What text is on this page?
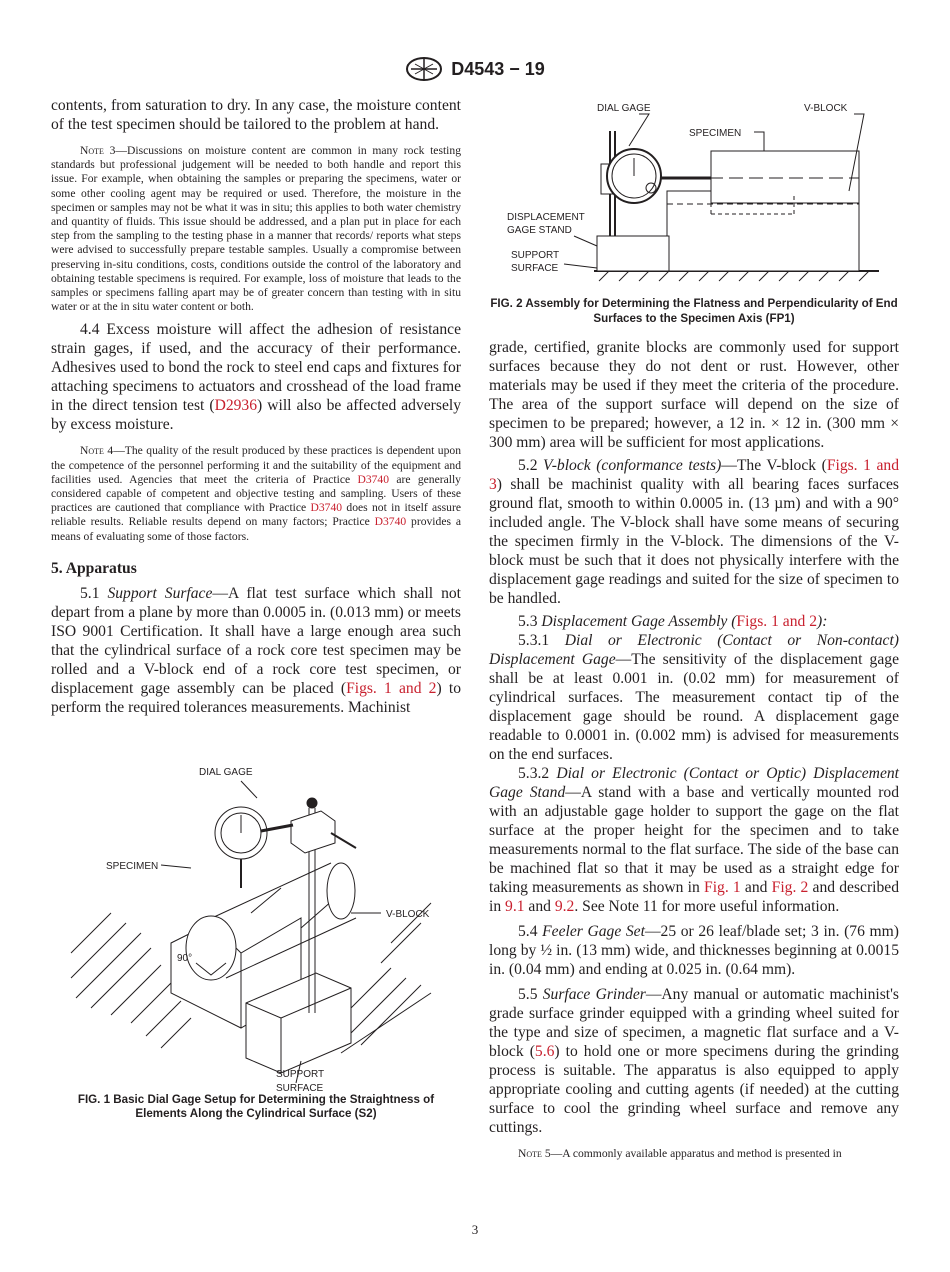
D4543 − 19

contents, from saturation to dry. In any case, the moisture content of the test specimen should be tailored to the problem at hand.

Note 3—Discussions on moisture content are common in many rock testing standards but professional judgement will be needed to both handle and report this issue. For example, when obtaining the samples or preparing the specimens, water or some other cooling agent may be required or used. Therefore, the moisture in the specimen or samples may not be what it was in situ; this applies to both water chemistry and quantity of fluids. This issue should be addressed, and a plan put in place for each step from the sampling to the testing phase in a manner that records/ reports what steps were advised to successfully prepare testable samples. Usually a compromise between preserving in-situ conditions, costs, conditions outside the control of the laboratory and obtaining testable specimens is required. For example, loss of moisture that leads to the samples or specimens falling apart may be of greater concern than testing with in situ water or at the in situ water content or both.

4.4 Excess moisture will affect the adhesion of resistance strain gages, if used, and the accuracy of their performance. Adhesives used to bond the rock to steel end caps and fixtures for attaching specimens to actuators and crosshead of the load frame in the direct tension test (D2936) will also be affected adversely by excess moisture.

Note 4—The quality of the result produced by these practices is dependent upon the competence of the personnel performing it and the suitability of the equipment and facilities used. Agencies that meet the criteria of Practice D3740 are generally considered capable of competent and objective testing and sampling. Users of these practices are cautioned that compliance with Practice D3740 does not in itself assure reliable results. Reliable results depend on many factors; Practice D3740 provides a means of evaluating some of those factors.

5. Apparatus

5.1 Support Surface—A flat test surface which shall not depart from a plane by more than 0.0005 in. (0.013 mm) or meets ISO 9001 Certification. It shall have a large enough area such that the cylindrical surface of a rock core test specimen may be rolled and a V-block end of a rock core test specimen, or displacement gage assembly can be placed (Figs. 1 and 2) to perform the required tolerances measurements. Machinist

DIAL GAGE
SPECIMEN
V-BLOCK
90°
SUPPORT
SURFACE

FIG. 1 Basic Dial Gage Setup for Determining the Straightness of Elements Along the Cylindrical Surface (S2)

DIAL GAGE	V-BLOCK
SPECIMEN
DISPLACEMENT
GAGE STAND
SUPPORT
SURFACE

FIG. 2 Assembly for Determining the Flatness and Perpendicularity of End Surfaces to the Specimen Axis (FP1)

grade, certified, granite blocks are commonly used for support surfaces because they do not dent or rust. However, other materials may be used if they meet the criteria of the procedure. The area of the support surface will depend on the size of specimen to be prepared; however, a 12 in. × 12 in. (300 mm × 300 mm) area will be sufficient for most applications.

5.2 V-block (conformance tests)—The V-block (Figs. 1 and 3) shall be machinist quality with all bearing faces surfaces ground flat, smooth to within 0.0005 in. (13 µm) and with a 90° included angle. The V-block shall have some means of securing the specimen firmly in the V-block. The dimensions of the V-block must be such that it does not physically interfere with the displacement gage readings and suited for the size of specimen to be handled.

5.3 Displacement Gage Assembly (Figs. 1 and 2):

5.3.1 Dial or Electronic (Contact or Non-contact) Displacement Gage—The sensitivity of the displacement gage shall be at least 0.001 in. (0.02 mm) for measurement of cylindrical surfaces. The measurement contact tip of the displacement gage should be round. A displacement gage readable to 0.0001 in. (0.002 mm) is advised for measurements on the end surfaces.

5.3.2 Dial or Electronic (Contact or Optic) Displacement Gage Stand—A stand with a base and vertically mounted rod with an adjustable gage holder to support the gage on the flat surface at the proper height for the specimen and to take measurements normal to the flat surface. The side of the base can be machined flat so that it may be used as a straight edge for taking measurements as shown in Fig. 1 and Fig. 2 and described in 9.1 and 9.2. See Note 11 for more useful information.

5.4 Feeler Gage Set—25 or 26 leaf/blade set; 3 in. (76 mm) long by ½ in. (13 mm) wide, and thicknesses beginning at 0.0015 in. (0.04 mm) and ending at 0.025 in. (0.64 mm).

5.5 Surface Grinder—Any manual or automatic machinist's grade surface grinder equipped with a grinding wheel suited for the type and size of specimen, a magnetic flat surface and a V-block (5.6) to hold one or more specimens during the grinding process is suitable. The apparatus is also equipped to apply appropriate cooling and cutting agents (if needed) at the cutting surface to cool the grinding wheel surface and remove any cuttings.

Note 5—A commonly available apparatus and method is presented in

3
